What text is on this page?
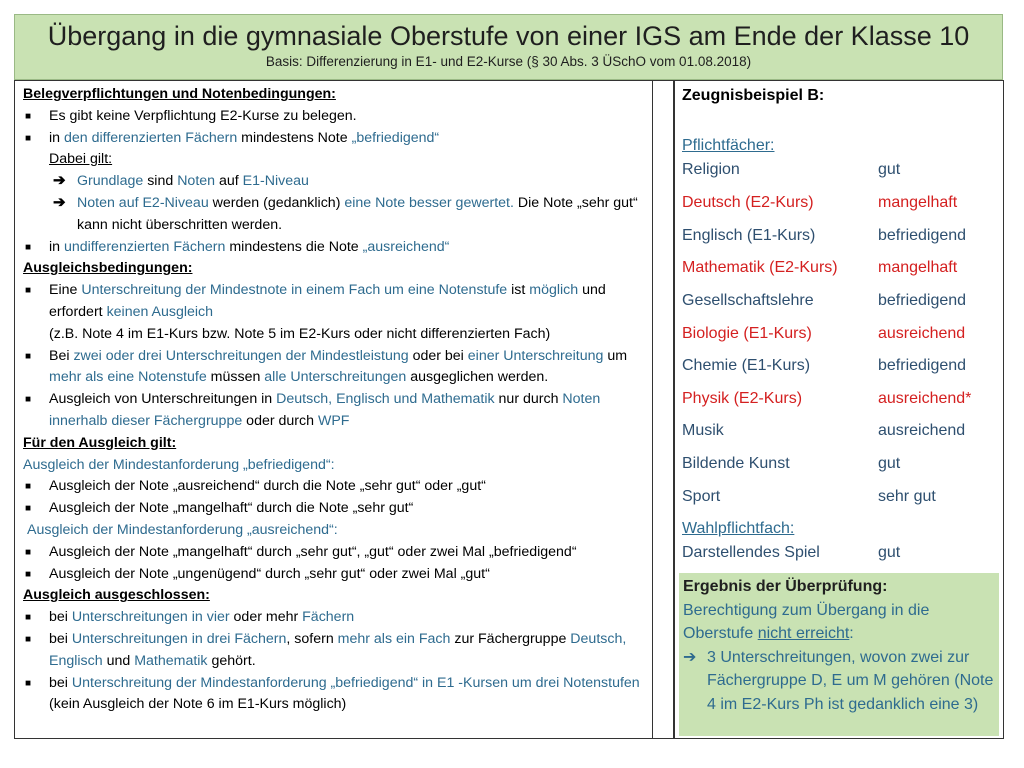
Übergang in die gymnasiale Oberstufe von einer IGS am Ende der Klasse 10
Basis: Differenzierung in E1- und E2-Kurse (§ 30 Abs. 3 ÜSchO vom 01.08.2018)
Belegverpflichtungen und Notenbedingungen:
■ Es gibt keine Verpflichtung E2-Kurse zu belegen.
■ in den differenzierten Fächern mindestens Note „befriedigend“
Dabei gilt:
➔ Grundlage sind Noten auf E1-Niveau
➔ Noten auf E2-Niveau werden (gedanklich) eine Note besser gewertet. Die Note „sehr gut“ kann nicht überschritten werden.
■ in undifferenzierten Fächern mindestens die Note „ausreichend“
Ausgleichsbedingungen:
■ Eine Unterschreitung der Mindestnote in einem Fach um eine Notenstufe ist möglich und erfordert keinen Ausgleich
(z.B. Note 4 im E1-Kurs bzw. Note 5 im E2-Kurs oder nicht differenzierten Fach)
■ Bei zwei oder drei Unterschreitungen der Mindestleistung oder bei einer Unterschreitung um mehr als eine Notenstufe müssen alle Unterschreitungen ausgeglichen werden.
■ Ausgleich von Unterschreitungen in Deutsch, Englisch und Mathematik nur durch Noten innerhalb dieser Fächergruppe oder durch WPF
Für den Ausgleich gilt:
Ausgleich der Mindestanforderung „befriedigend“:
■ Ausgleich der Note „ausreichend“ durch die Note „sehr gut“ oder „gut“
■ Ausgleich der Note „mangelhaft“ durch die Note „sehr gut“
Ausgleich der Mindestanforderung „ausreichend“:
■ Ausgleich der Note „mangelhaft“ durch „sehr gut“, „gut“ oder zwei Mal „befriedigend“
■ Ausgleich der Note „ungenügend“ durch „sehr gut“ oder zwei Mal „gut“
Ausgleich ausgeschlossen:
■ bei Unterschreitungen in vier oder mehr Fächern
■ bei Unterschreitungen in drei Fächern, sofern mehr als ein Fach zur Fächergruppe Deutsch, Englisch und Mathematik gehört.
■ bei Unterschreitung der Mindestanforderung „befriedigend“ in E1 -Kursen um drei Notenstufen (kein Ausgleich der Note 6 im E1-Kurs möglich)
Zeugnisbeispiel B:
Pflichtfächer:
Religion	gut
Deutsch (E2-Kurs)	mangelhaft
Englisch (E1-Kurs)	befriedigend
Mathematik (E2-Kurs)	mangelhaft
Gesellschaftslehre	befriedigend
Biologie (E1-Kurs)	ausreichend
Chemie (E1-Kurs)	befriedigend
Physik (E2-Kurs)	ausreichend*
Musik	ausreichend
Bildende Kunst	gut
Sport	sehr gut
Wahlpflichtfach:
Darstellendes Spiel	gut
Ergebnis der Überprüfung:
Berechtigung zum Übergang in die
Oberstufe nicht erreicht:
➔ 3 Unterschreitungen, wovon zwei zur Fächergruppe D, E um M gehören (Note 4 im E2-Kurs Ph ist gedanklich eine 3)
